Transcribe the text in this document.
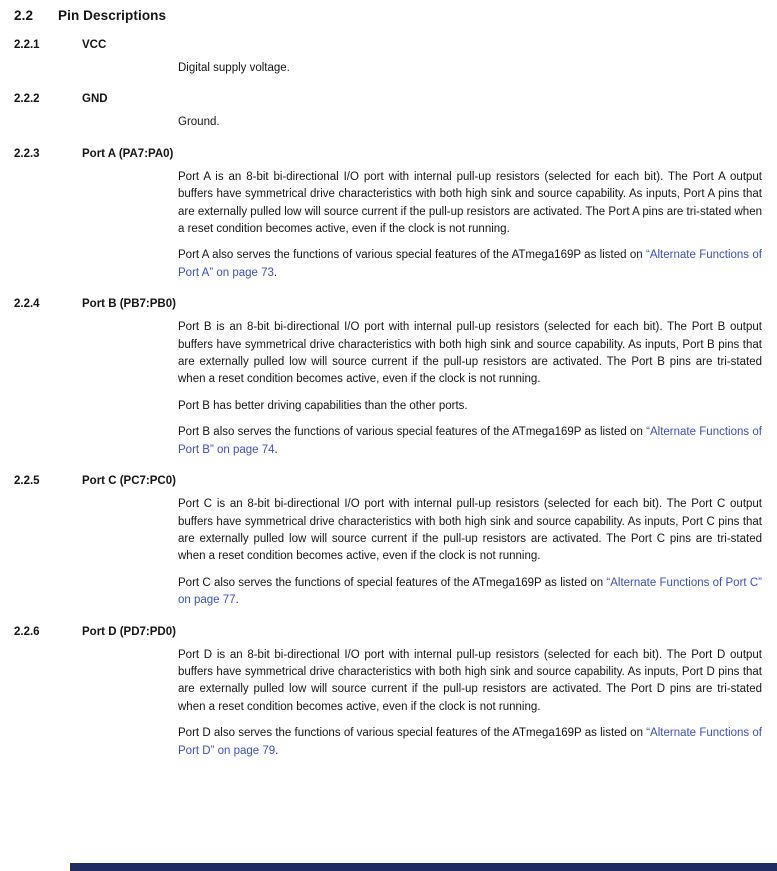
2.2	Pin Descriptions
2.2.1	VCC

Digital supply voltage.

2.2.2	GND

Ground.

2.2.3	Port A (PA7:PA0)

Port A is an 8-bit bi-directional I/O port with internal pull-up resistors (selected for each bit). The Port A output buffers have symmetrical drive characteristics with both high sink and source capability. As inputs, Port A pins that are externally pulled low will source current if the pull-up resistors are activated. The Port A pins are tri-stated when a reset condition becomes active, even if the clock is not running.

Port A also serves the functions of various special features of the ATmega169P as listed on “Alternate Functions of Port A” on page 73.

2.2.4	Port B (PB7:PB0)

Port B is an 8-bit bi-directional I/O port with internal pull-up resistors (selected for each bit). The Port B output buffers have symmetrical drive characteristics with both high sink and source capability. As inputs, Port B pins that are externally pulled low will source current if the pull-up resistors are activated. The Port B pins are tri-stated when a reset condition becomes active, even if the clock is not running.

Port B has better driving capabilities than the other ports.

Port B also serves the functions of various special features of the ATmega169P as listed on “Alternate Functions of Port B” on page 74.

2.2.5	Port C (PC7:PC0)

Port C is an 8-bit bi-directional I/O port with internal pull-up resistors (selected for each bit). The Port C output buffers have symmetrical drive characteristics with both high sink and source capability. As inputs, Port C pins that are externally pulled low will source current if the pull-up resistors are activated. The Port C pins are tri-stated when a reset condition becomes active, even if the clock is not running.

Port C also serves the functions of special features of the ATmega169P as listed on “Alternate Functions of Port C” on page 77.

2.2.6	Port D (PD7:PD0)

Port D is an 8-bit bi-directional I/O port with internal pull-up resistors (selected for each bit). The Port D output buffers have symmetrical drive characteristics with both high sink and source capability. As inputs, Port D pins that are externally pulled low will source current if the pull-up resistors are activated. The Port D pins are tri-stated when a reset condition becomes active, even if the clock is not running.

Port D also serves the functions of various special features of the ATmega169P as listed on “Alternate Functions of Port D” on page 79.
